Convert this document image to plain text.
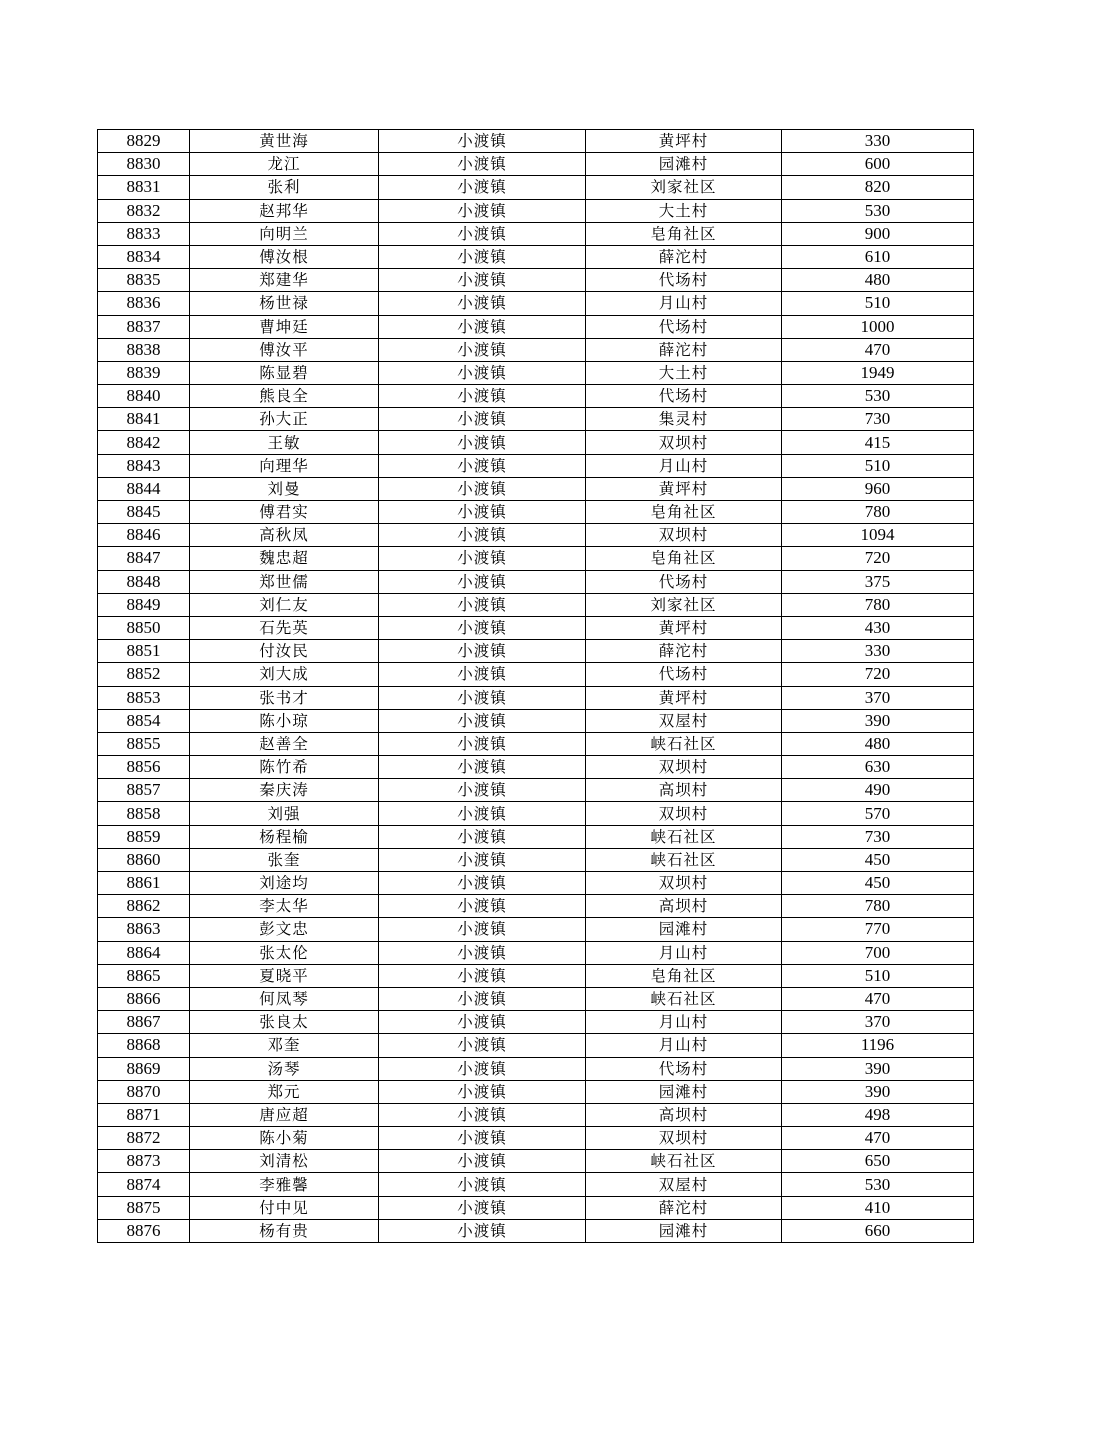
8829	黄世海	小渡镇	黄坪村	330
8830	龙江	小渡镇	园滩村	600
8831	张利	小渡镇	刘家社区	820
8832	赵邦华	小渡镇	大土村	530
8833	向明兰	小渡镇	皂角社区	900
8834	傅汝根	小渡镇	薛沱村	610
8835	郑建华	小渡镇	代场村	480
8836	杨世禄	小渡镇	月山村	510
8837	曹坤廷	小渡镇	代场村	1000
8838	傅汝平	小渡镇	薛沱村	470
8839	陈显碧	小渡镇	大土村	1949
8840	熊良全	小渡镇	代场村	530
8841	孙大正	小渡镇	集灵村	730
8842	王敏	小渡镇	双坝村	415
8843	向理华	小渡镇	月山村	510
8844	刘曼	小渡镇	黄坪村	960
8845	傅君实	小渡镇	皂角社区	780
8846	高秋凤	小渡镇	双坝村	1094
8847	魏忠超	小渡镇	皂角社区	720
8848	郑世儒	小渡镇	代场村	375
8849	刘仁友	小渡镇	刘家社区	780
8850	石先英	小渡镇	黄坪村	430
8851	付汝民	小渡镇	薛沱村	330
8852	刘大成	小渡镇	代场村	720
8853	张书才	小渡镇	黄坪村	370
8854	陈小琼	小渡镇	双屋村	390
8855	赵善全	小渡镇	峡石社区	480
8856	陈竹希	小渡镇	双坝村	630
8857	秦庆涛	小渡镇	高坝村	490
8858	刘强	小渡镇	双坝村	570
8859	杨程榆	小渡镇	峡石社区	730
8860	张奎	小渡镇	峡石社区	450
8861	刘途均	小渡镇	双坝村	450
8862	李太华	小渡镇	高坝村	780
8863	彭文忠	小渡镇	园滩村	770
8864	张太伦	小渡镇	月山村	700
8865	夏晓平	小渡镇	皂角社区	510
8866	何凤琴	小渡镇	峡石社区	470
8867	张良太	小渡镇	月山村	370
8868	邓奎	小渡镇	月山村	1196
8869	汤琴	小渡镇	代场村	390
8870	郑元	小渡镇	园滩村	390
8871	唐应超	小渡镇	高坝村	498
8872	陈小菊	小渡镇	双坝村	470
8873	刘清松	小渡镇	峡石社区	650
8874	李雅馨	小渡镇	双屋村	530
8875	付中见	小渡镇	薛沱村	410
8876	杨有贵	小渡镇	园滩村	660
